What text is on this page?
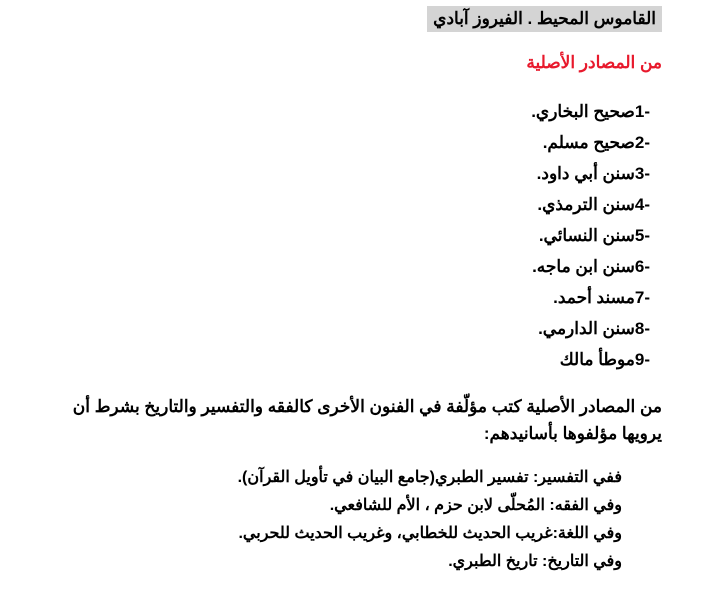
القاموس المحيط . الفيروز آبادي
من المصادر الأصلية
-1صحيح البخاري.
-2صحيح مسلم.
-3سنن أبي داود.
-4سنن الترمذي.
-5سنن النسائي.
-6سنن ابن ماجه.
-7مسند أحمد.
-8سنن الدارمي.
-9موطأ مالك
من المصادر الأصلية كتب مؤلّفة في الفنون الأخرى كالفقه والتفسير والتاريخ بشرط أن يرويها مؤلفوها بأسانيدهم:
ففي التفسير: تفسير الطبري(جامع البيان في تأويل القرآن).
وفي الفقه: المُحلّى لابن حزم ، الأم للشافعي.
وفي اللغة:غريب الحديث للخطابي، وغريب الحديث للحربي.
وفي التاريخ: تاريخ الطبري.
